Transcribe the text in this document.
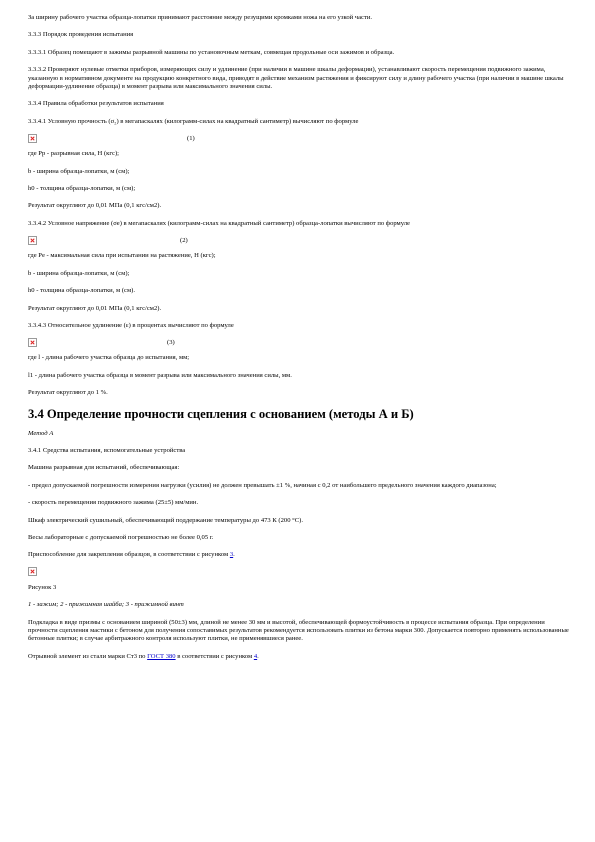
За ширину рабочего участка образца-лопатки принимают расстояние между резущими кромками ножа на его узкой части.

3.3.3 Порядок проведения испытания

3.3.3.1 Образец помещают в зажимы разрывной машины по установочным меткам, совмещая продольные оси зажимов и образца.

3.3.3.2 Проверяют нулевые отметки приборов, измеряющих силу и удлинение (при наличии в машине шкалы деформации), устанавливают скорость перемещения подвижного зажима, указанную в нормативном документе на продукцию конкретного вида, приводят в действие механизм растяжения и фиксируют силу и длину рабочего участка (при наличии в машине шкалы деформации-удлинение образца) в момент разрыва или максимального значения силы.

3.3.4 Правила обработки результатов испытания

3.3.4.1 Условную прочность (σ₂) в мегапаскалях (килограмм-силах на квадратный сантиметр) вычисляют по формуле

(1)

где Pp - разрывная сила, Н (кгс);

b - ширина образца-лопатки, м (см);

h0 - толщина образца-лопатки, м (см);

Результат округляют до 0,01 МПа (0,1 кгс/см2).

3.3.4.2 Условное напряжение (σe) в мегапаскалях (килограмм-силах на квадратный сантиметр) образца-лопатки вычисляют по формуле

(2)

где Pe - максимальная сила при испытании на растяжение, Н (кгс);

b - ширина образца-лопатки, м (см);

h0 - толщина образца-лопатки, м (см).

Результат округляют до 0,01 МПа (0,1 кгс/см2).

3.3.4.3 Относительное удлинение (ε) в процентах вычисляют по формуле

(3)

где l - длина рабочего участка образца до испытания, мм;

l1 - длина рабочего участка образца в момент разрыва или максимального значения силы, мм.

Результат округляют до 1 %.

3.4 Определение прочности сцепления с основанием (методы А и Б)

Метод А

3.4.1 Средства испытания, вспомогательные устройства

Машина разрывная для испытаний, обеспечивающая:

- предел допускаемой погрешности измерения нагрузки (усилия) не должен превышать ±1 %, начиная с 0,2 от наибольшего предельного значения каждого диапазона;

- скорость перемещения подвижного зажима (25±5) мм/мин.

Шкаф электрический сушильный, обеспечивающий поддержание температуры до 473 К (200 °С).

Весы лабораторные с допускаемой погрешностью не более 0,05 г.

Приспособление для закрепления образцов, в соответствии с рисунком 3.

Рисунок 3

1 - зажим; 2 - прижимная шайба; 3 - прижимной винт

Подкладка в виде призмы с основанием шириной (50±3) мм, длиной не менее 30 мм и высотой, обеспечивающей формоустойчивость в процессе испытания образца. При определении прочности сцепления мастики с бетоном для получения сопоставимых результатов рекомендуется использовать плитки из бетона марки 300. Допускается повторно применять использованные бетонные плитки; в случае арбитражного контроля используют плитки, не применявшиеся ранее.

Отрывной элемент из стали марки Ст3 по ГОСТ 380 в соответствии с рисунком 4.
